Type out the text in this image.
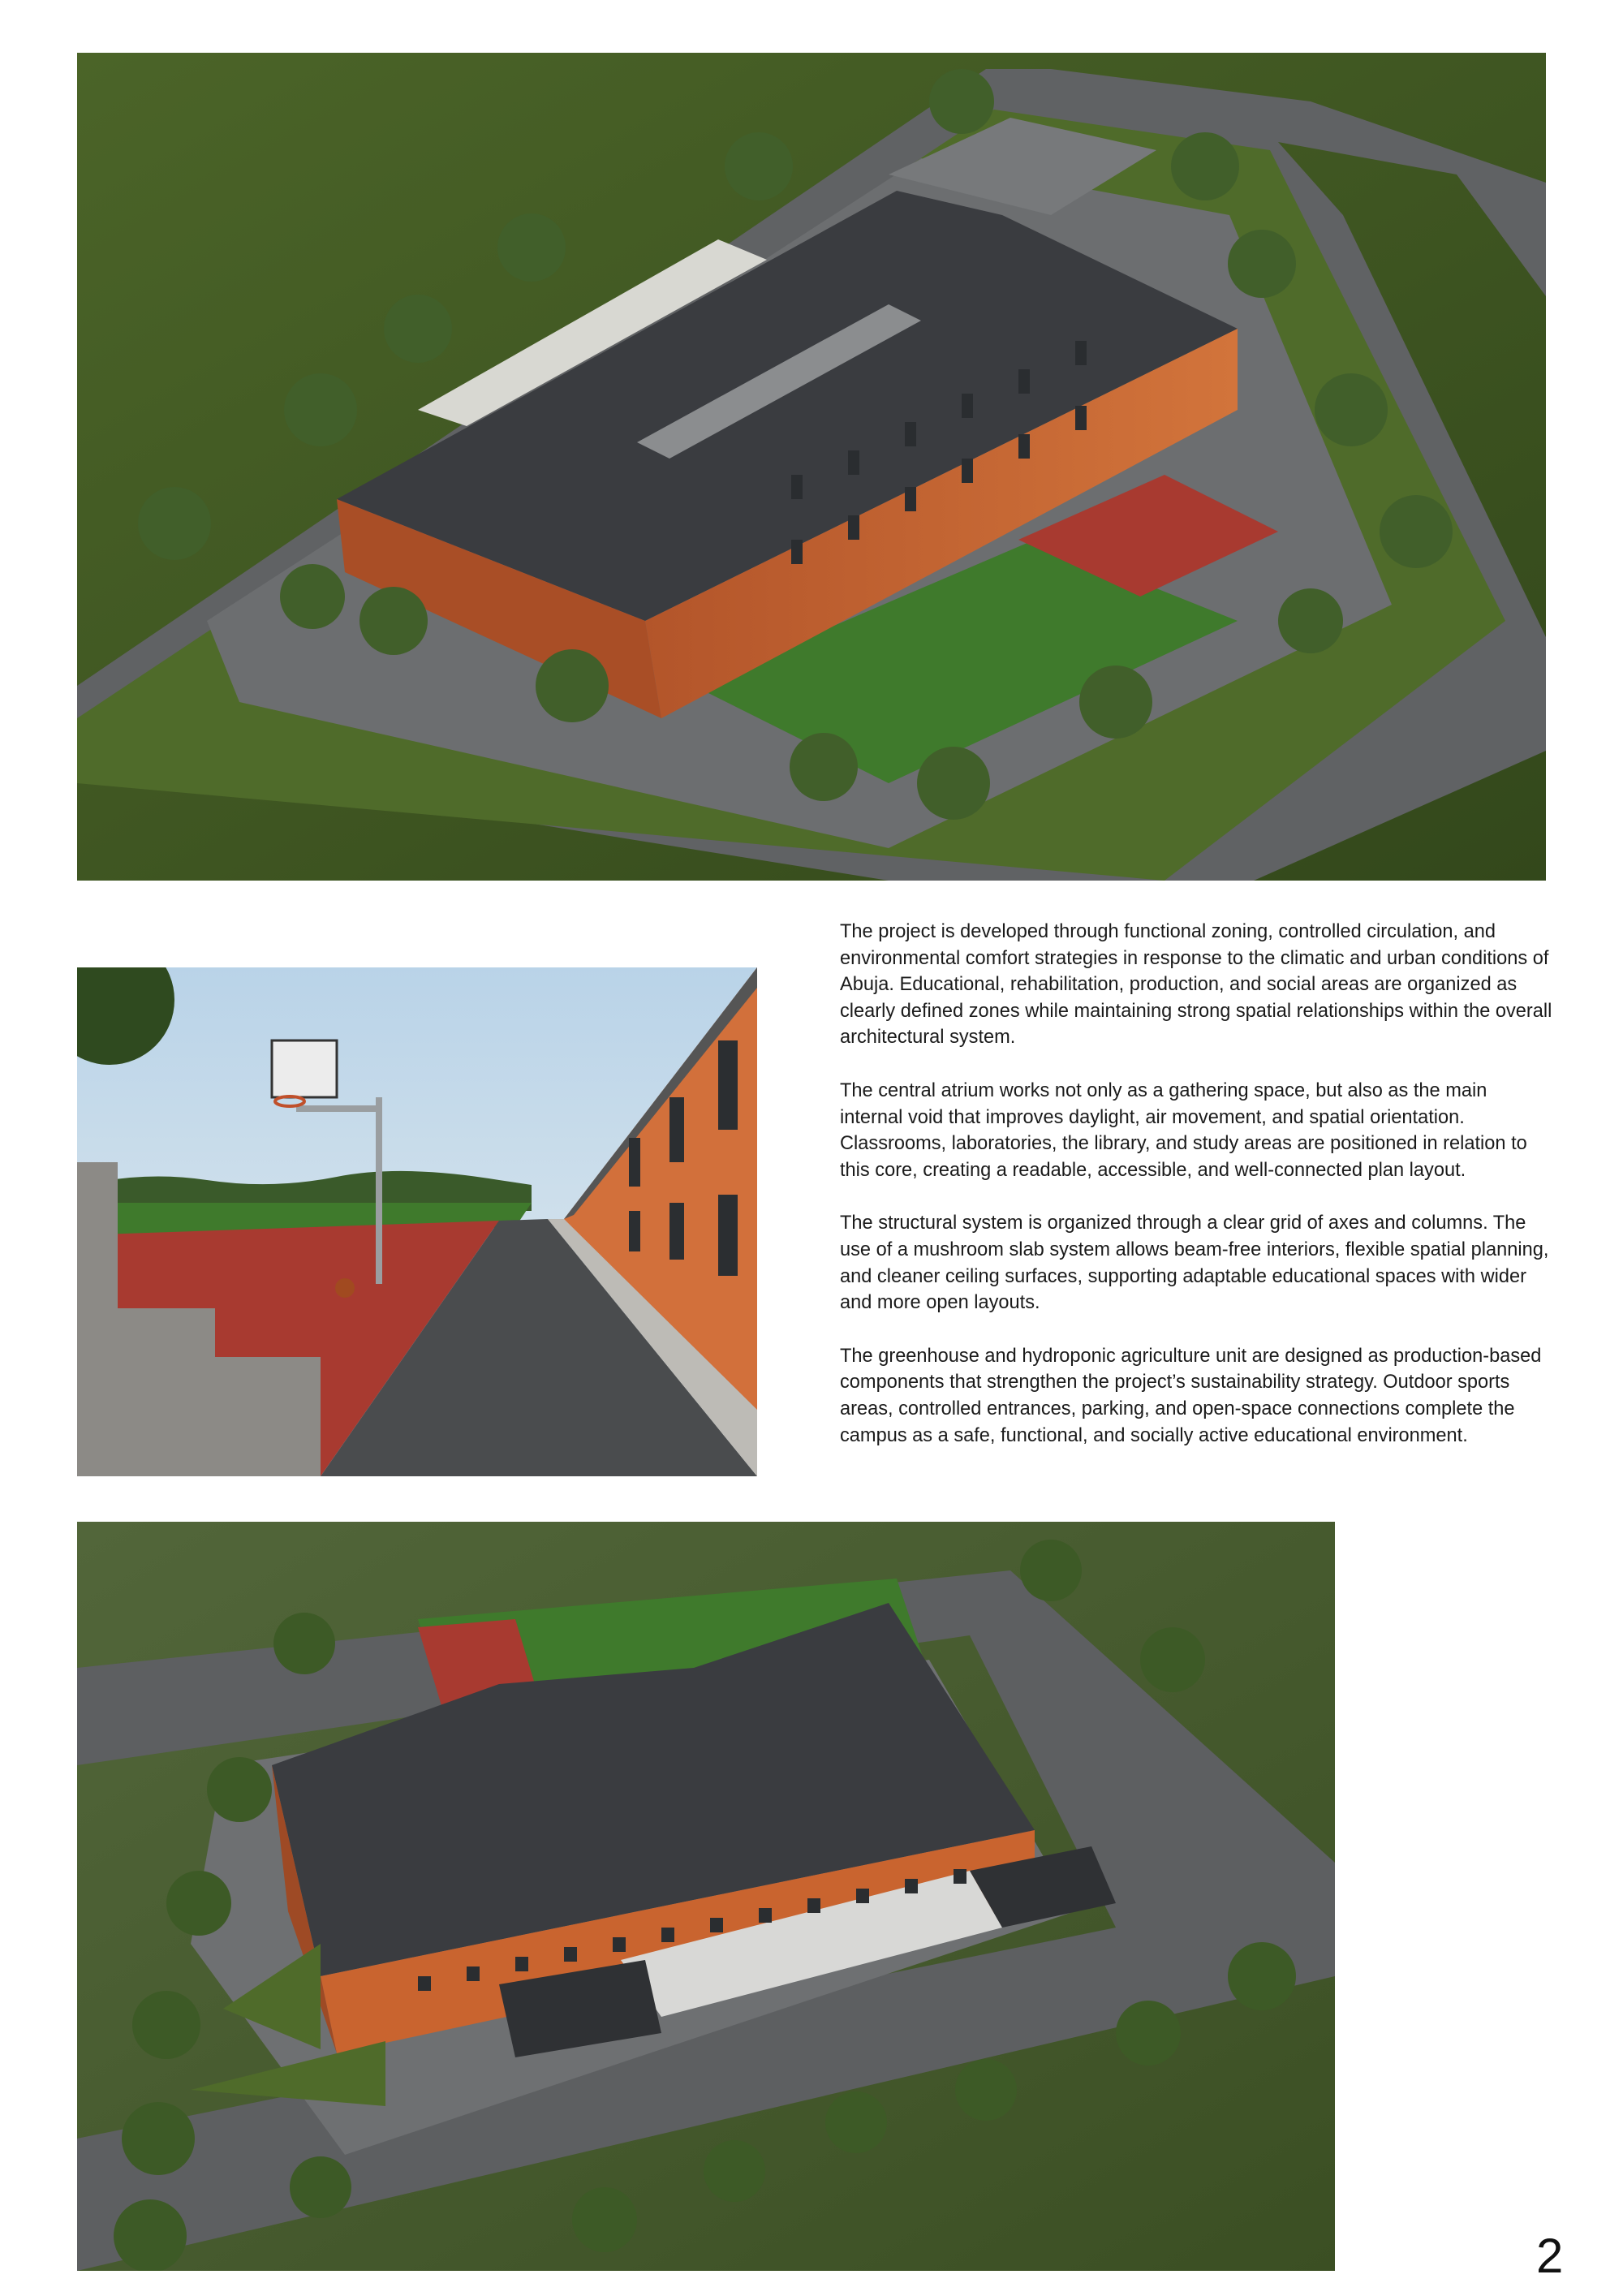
The project is developed through functional zoning, controlled circulation, and environmental comfort strategies in response to the climatic and urban conditions of Abuja. Educational, rehabilitation, production, and social areas are organized as clearly defined zones while maintaining strong spatial relationships within the overall architectural system.

The central atrium works not only as a gathering space, but also as the main internal void that improves daylight, air movement, and spatial orientation. Classrooms, laboratories, the library, and study areas are positioned in relation to this core, creating a readable, accessible, and well-connected plan layout.

The structural system is organized through a clear grid of axes and columns. The use of a mushroom slab system allows beam-free interiors, flexible spatial planning, and cleaner ceiling surfaces, supporting adaptable educational spaces with wider and more open layouts.

The greenhouse and hydroponic agriculture unit are designed as production-based components that strengthen the project’s sustainability strategy. Outdoor sports areas, controlled entrances, parking, and open-space connections complete the campus as a safe, functional, and socially active educational environment.

2
